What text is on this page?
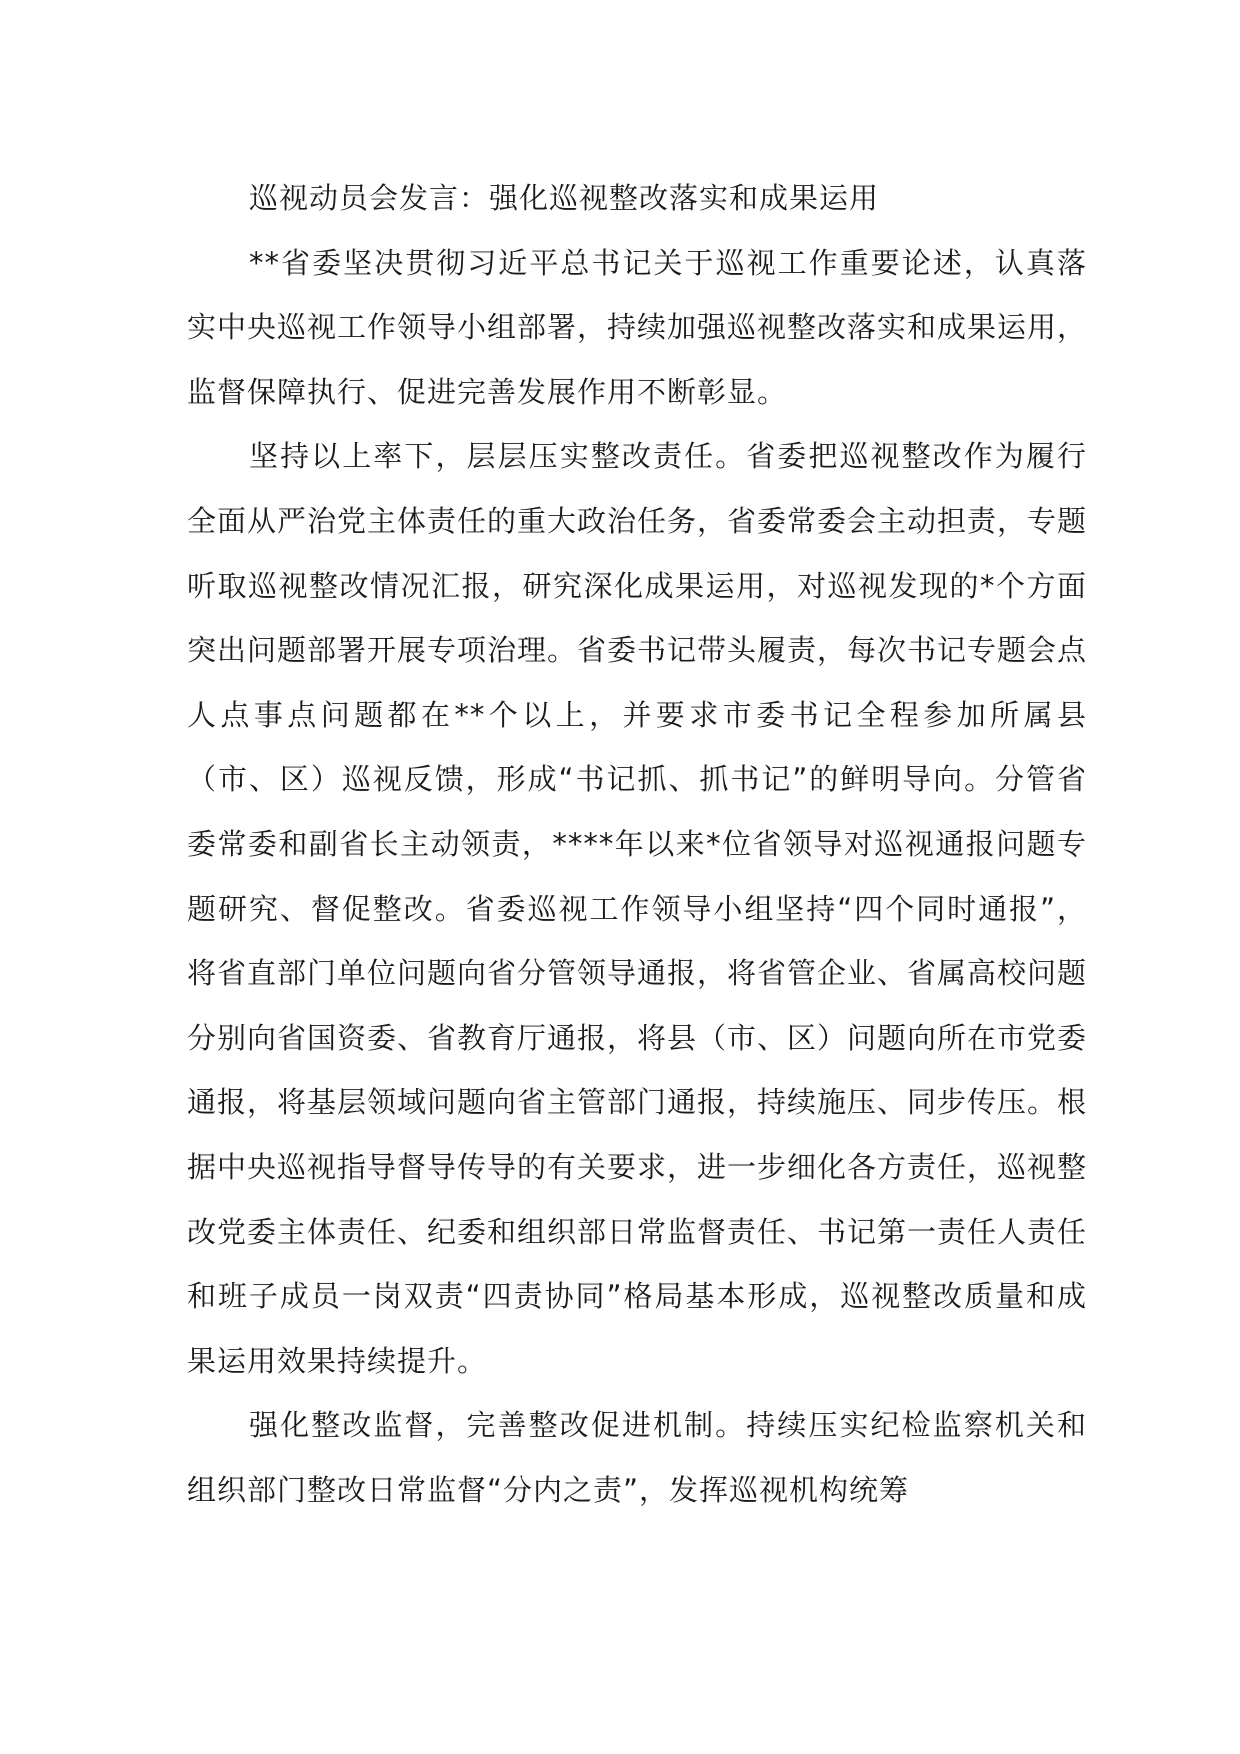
巡视动员会发言：强化巡视整改落实和成果运用

**省委坚决贯彻习近平总书记关于巡视工作重要论述，认真落实中央巡视工作领导小组部署，持续加强巡视整改落实和成果运用，监督保障执行、促进完善发展作用不断彰显。

坚持以上率下，层层压实整改责任。省委把巡视整改作为履行全面从严治党主体责任的重大政治任务，省委常委会主动担责，专题听取巡视整改情况汇报，研究深化成果运用，对巡视发现的*个方面突出问题部署开展专项治理。省委书记带头履责，每次书记专题会点人点事点问题都在**个以上，并要求市委书记全程参加所属县（市、区）巡视反馈，形成“书记抓、抓书记”的鲜明导向。分管省委常委和副省长主动领责，****年以来*位省领导对巡视通报问题专题研究、督促整改。省委巡视工作领导小组坚持“四个同时通报”，将省直部门单位问题向省分管领导通报，将省管企业、省属高校问题分别向省国资委、省教育厅通报，将县（市、区）问题向所在市党委通报，将基层领域问题向省主管部门通报，持续施压、同步传压。根据中央巡视指导督导传导的有关要求，进一步细化各方责任，巡视整改党委主体责任、纪委和组织部日常监督责任、书记第一责任人责任和班子成员一岗双责“四责协同”格局基本形成，巡视整改质量和成果运用效果持续提升。

强化整改监督，完善整改促进机制。持续压实纪检监察机关和组织部门整改日常监督“分内之责”，发挥巡视机构统筹
